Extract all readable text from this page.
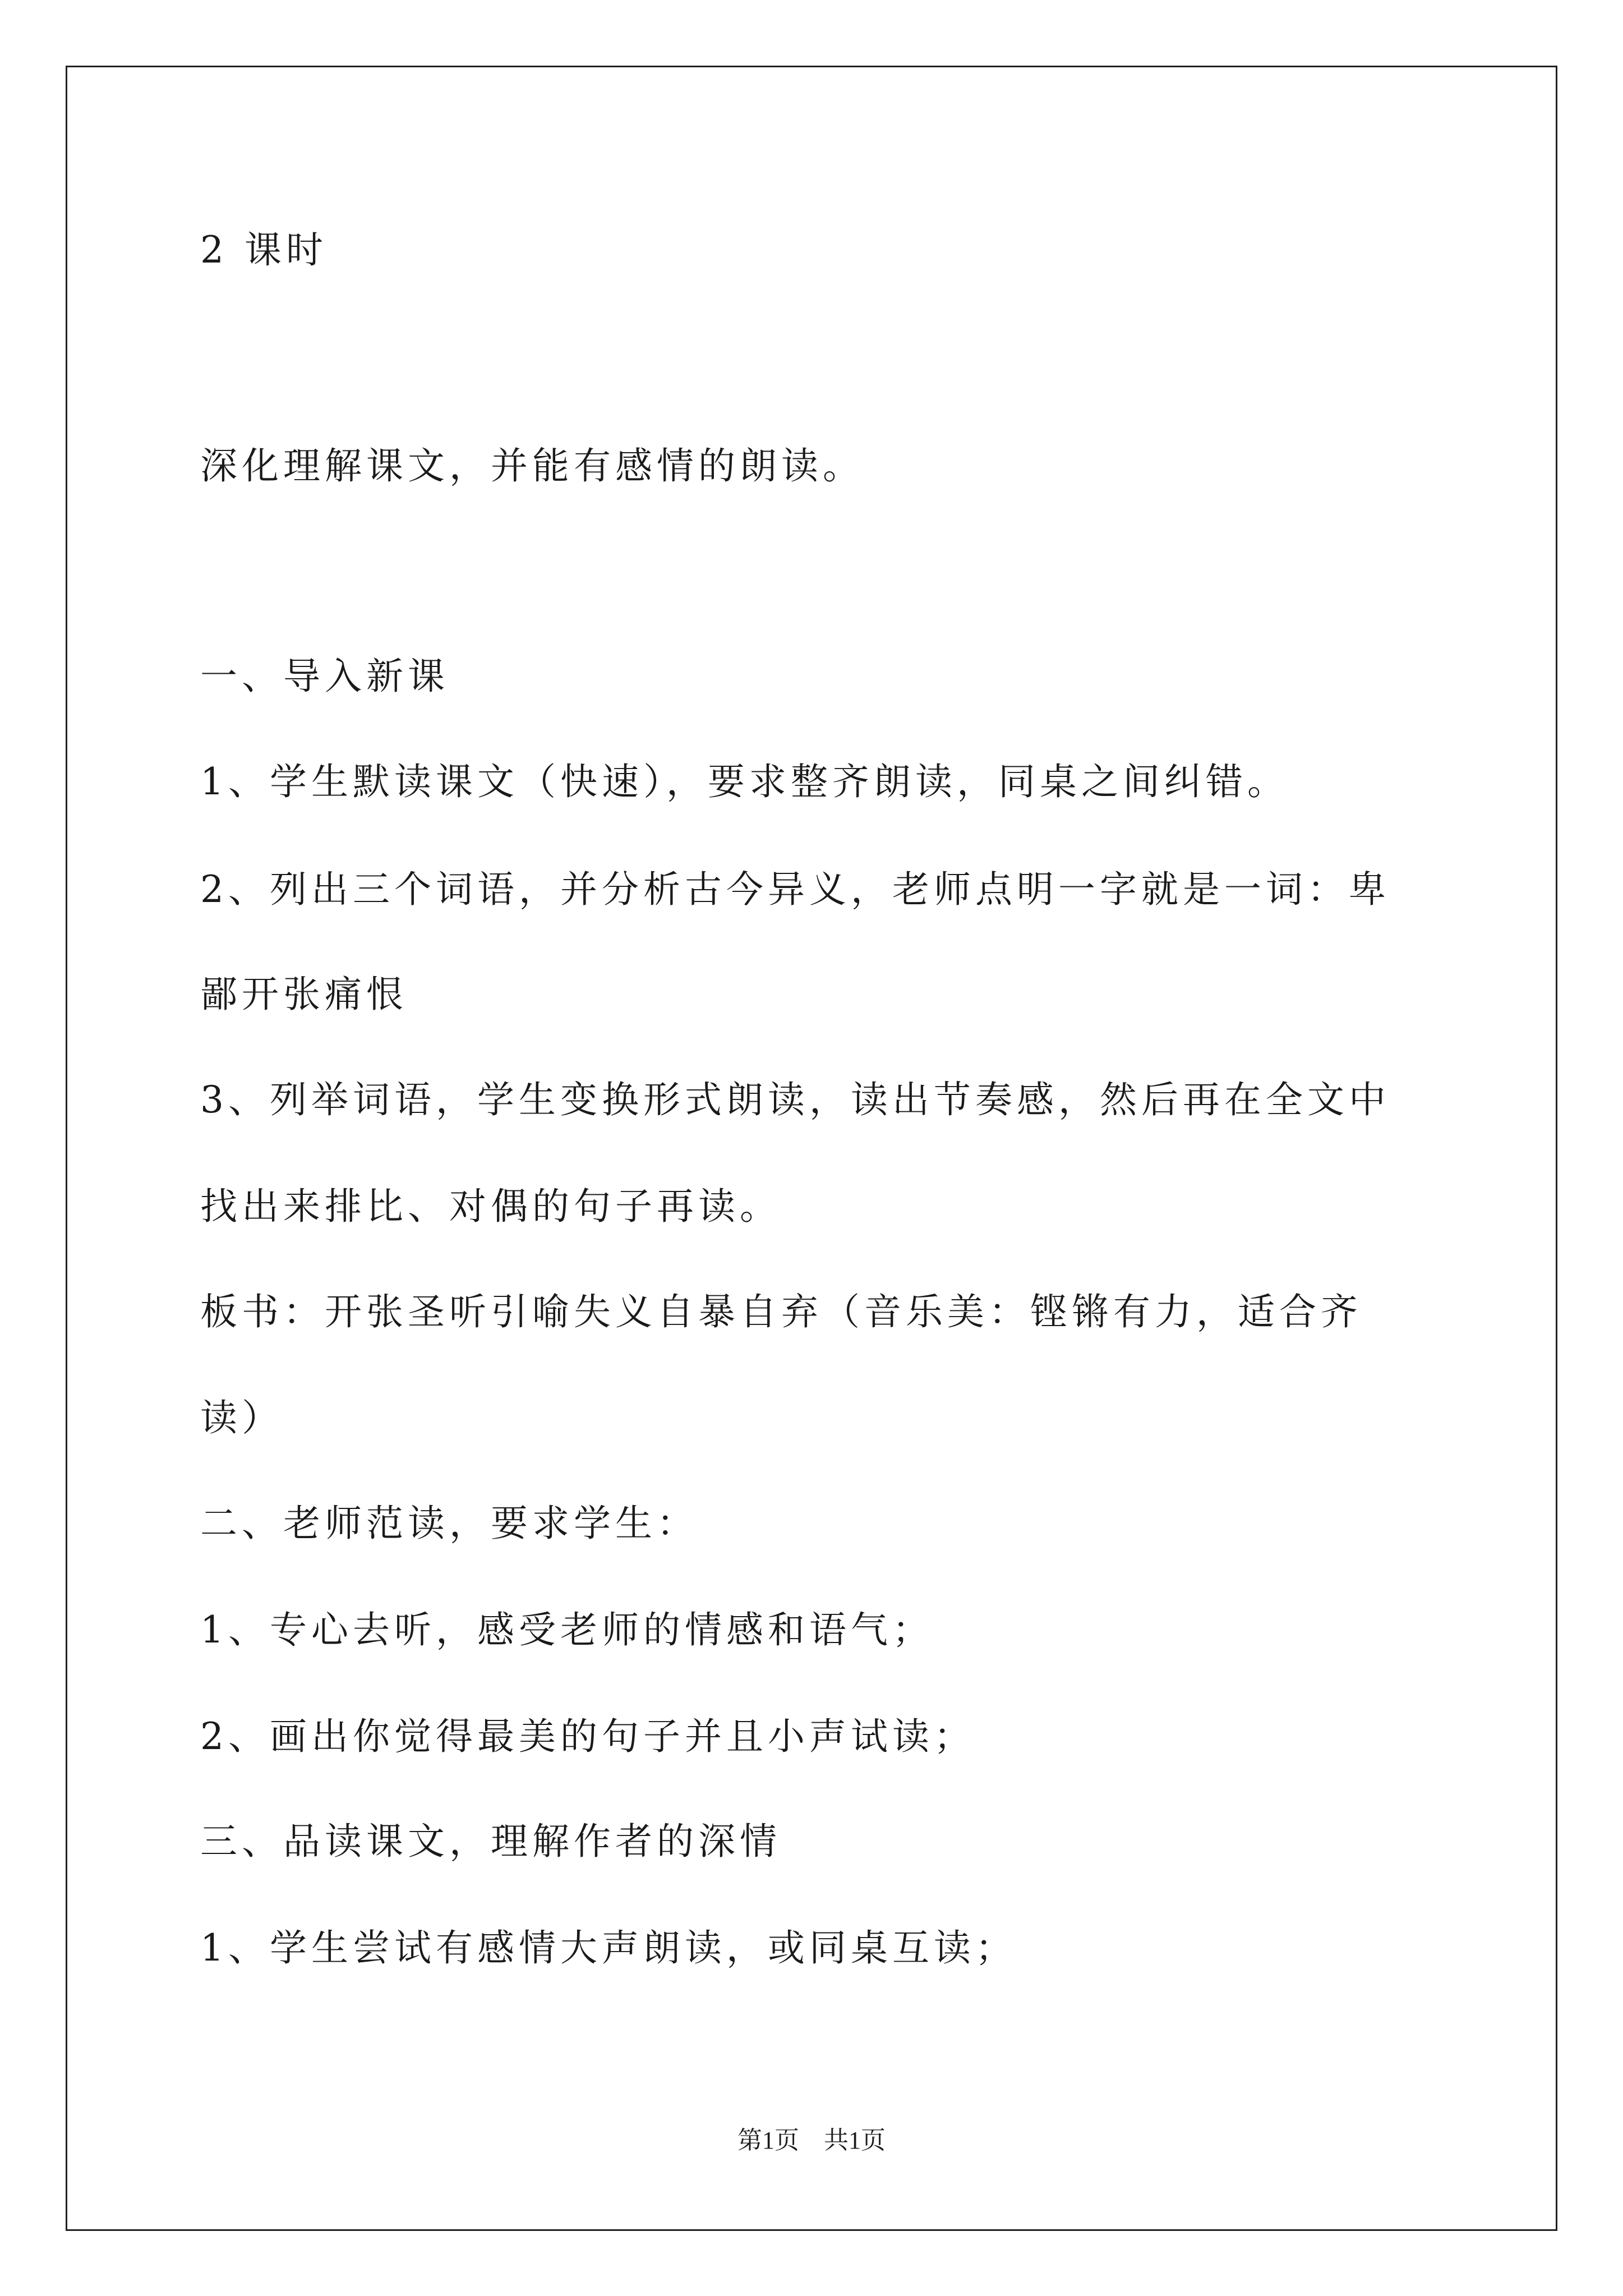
2 课时

深化理解课文，并能有感情的朗读。

一、导入新课

1、学生默读课文（快速），要求整齐朗读，同桌之间纠错。

2、列出三个词语，并分析古今异义，老师点明一字就是一词：卑

鄙开张痛恨

3、列举词语，学生变换形式朗读，读出节奏感，然后再在全文中

找出来排比、对偶的句子再读。

板书：开张圣听引喻失义自暴自弃（音乐美：铿锵有力，适合齐

读）

二、老师范读，要求学生：

1、专心去听，感受老师的情感和语气；

2、画出你觉得最美的句子并且小声试读；

三、品读课文，理解作者的深情

1、学生尝试有感情大声朗读，或同桌互读；

第1页　共1页
